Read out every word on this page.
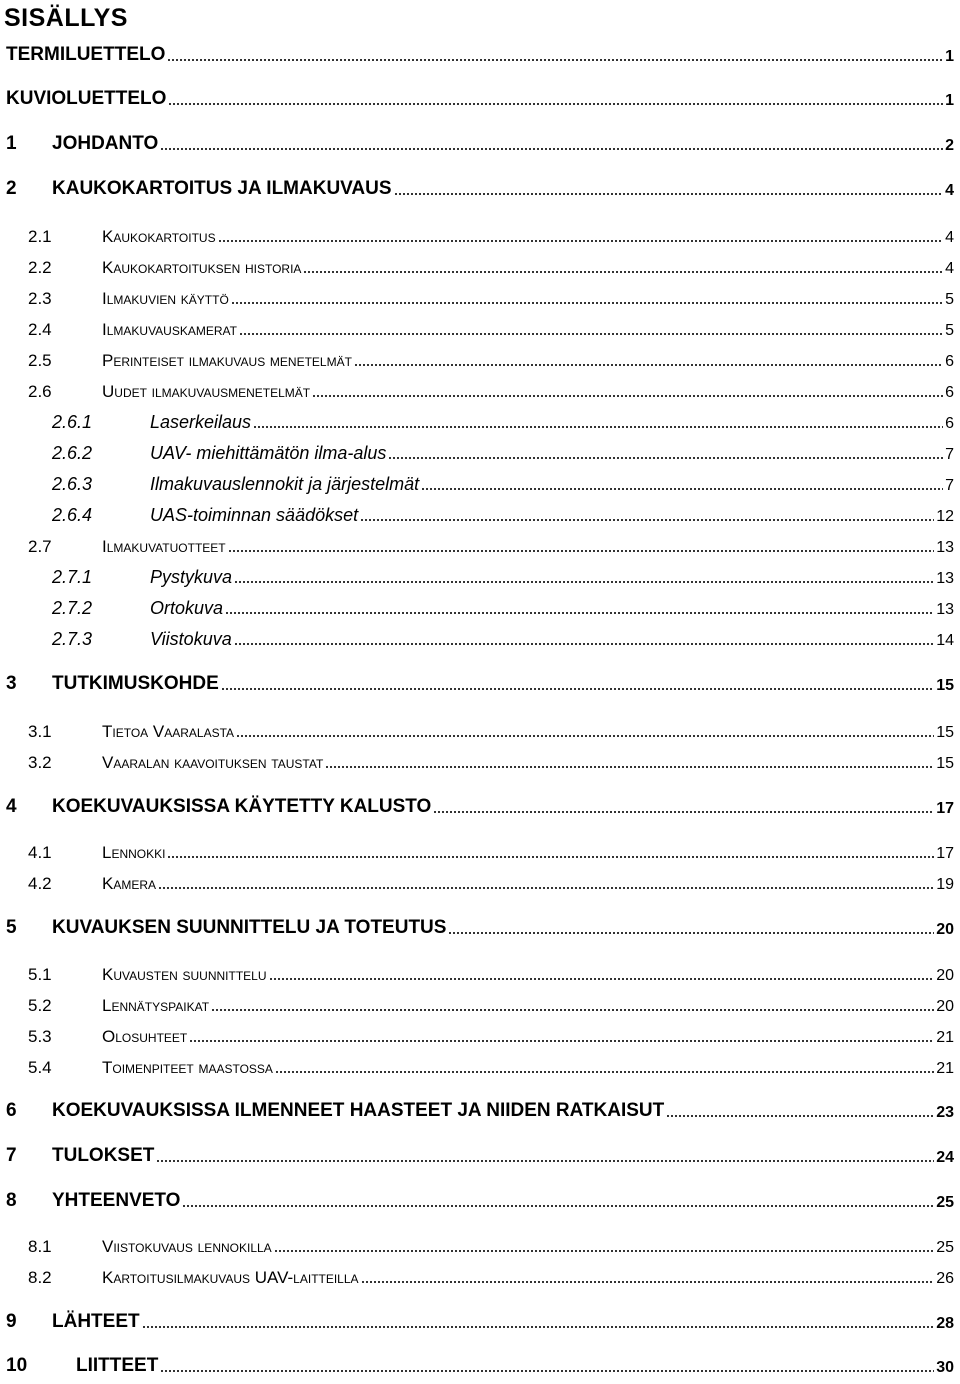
SISÄLLYS
TERMILUETTELO	1
KUVIOLUETTELO	1
1	JOHDANTO	2
2	KAUKOKARTOITUS JA ILMAKUVAUS	4
2.1	Kaukokartoitus	4
2.2	Kaukokartoituksen historia	4
2.3	Ilmakuvien käyttö	5
2.4	Ilmakuvauskamerat	5
2.5	Perinteiset ilmakuvaus menetelmät	6
2.6	Uudet ilmakuvausmenetelmät	6
2.6.1	Laserkeilaus	6
2.6.2	UAV- miehittämätön ilma-alus	7
2.6.3	Ilmakuvauslennokit ja järjestelmät	7
2.6.4	UAS-toiminnan säädökset	12
2.7	Ilmakuvatuotteet	13
2.7.1	Pystykuva	13
2.7.2	Ortokuva	13
2.7.3	Viistokuva	14
3	TUTKIMUSKOHDE	15
3.1	Tietoa Vaaralasta	15
3.2	Vaaralan kaavoituksen taustat	15
4	KOEKUVAUKSISSA KÄYTETTY KALUSTO	17
4.1	Lennokki	17
4.2	Kamera	19
5	KUVAUKSEN SUUNNITTELU JA TOTEUTUS	20
5.1	Kuvausten suunnittelu	20
5.2	Lennätyspaikat	20
5.3	Olosuhteet	21
5.4	Toimenpiteet maastossa	21
6	KOEKUVAUKSISSA ILMENNEET HAASTEET JA NIIDEN RATKAISUT	23
7	TULOKSET	24
8	YHTEENVETO	25
8.1	Viistokuvaus lennokilla	25
8.2	Kartoitusilmakuvaus UAV-laitteilla	26
9	LÄHTEET	28
10	LIITTEET	30
